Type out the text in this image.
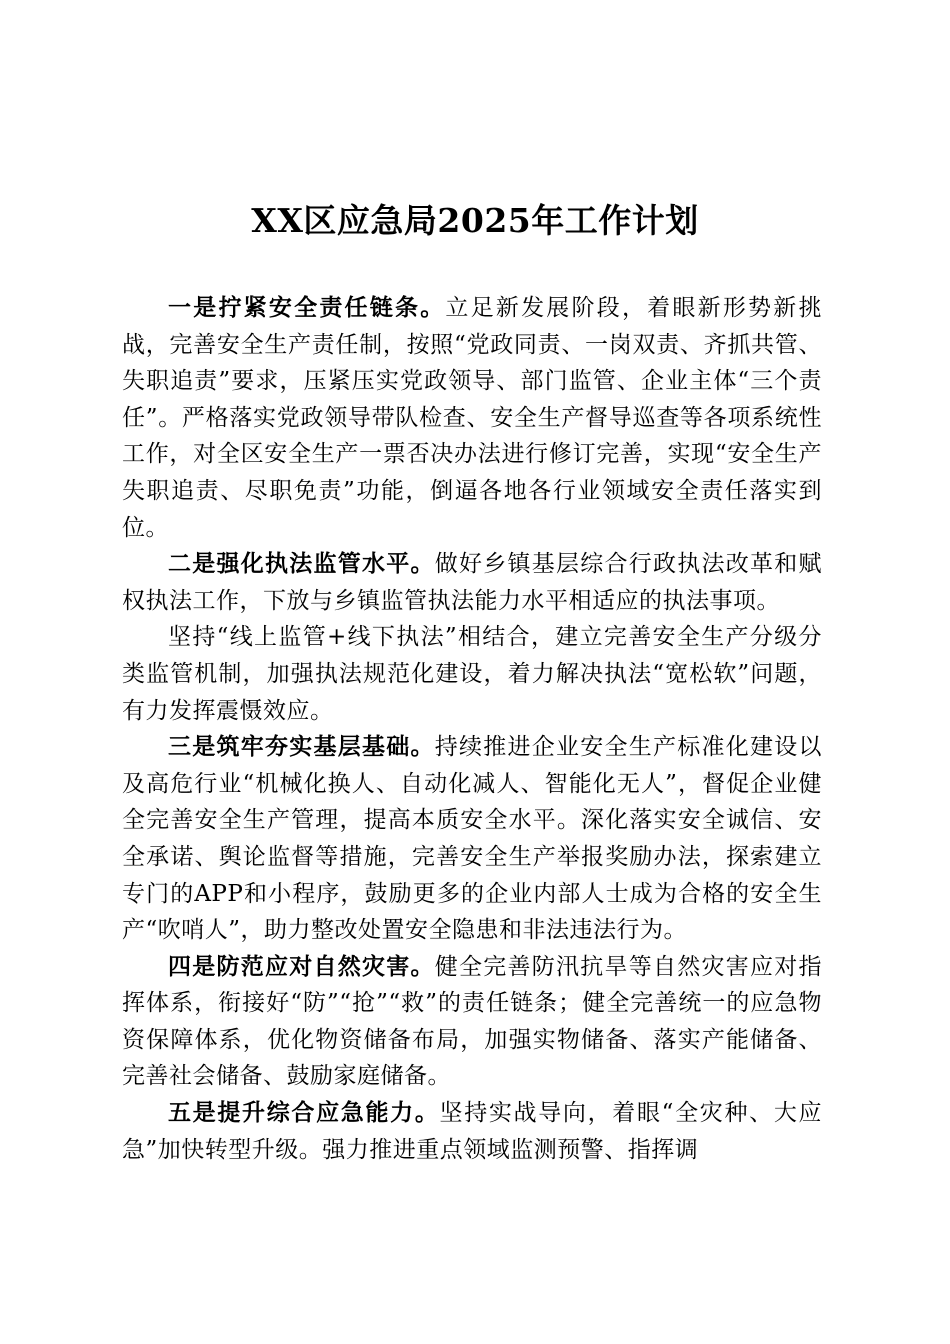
XX区应急局2025年工作计划

一是拧紧安全责任链条。立足新发展阶段，着眼新形势新挑战，完善安全生产责任制，按照“党政同责、一岗双责、齐抓共管、失职追责”要求，压紧压实党政领导、部门监管、企业主体“三个责任”。严格落实党政领导带队检查、安全生产督导巡查等各项系统性工作，对全区安全生产一票否决办法进行修订完善，实现“安全生产失职追责、尽职免责”功能，倒逼各地各行业领域安全责任落实到位。

二是强化执法监管水平。做好乡镇基层综合行政执法改革和赋权执法工作，下放与乡镇监管执法能力水平相适应的执法事项。

坚持“线上监管+线下执法”相结合，建立完善安全生产分级分类监管机制，加强执法规范化建设，着力解决执法“宽松软”问题，有力发挥震慑效应。

三是筑牢夯实基层基础。持续推进企业安全生产标准化建设以及高危行业“机械化换人、自动化减人、智能化无人”，督促企业健全完善安全生产管理，提高本质安全水平。深化落实安全诚信、安全承诺、舆论监督等措施，完善安全生产举报奖励办法，探索建立专门的APP和小程序，鼓励更多的企业内部人士成为合格的安全生产“吹哨人”，助力整改处置安全隐患和非法违法行为。

四是防范应对自然灾害。健全完善防汛抗旱等自然灾害应对指挥体系，衔接好“防”“抢”“救”的责任链条；健全完善统一的应急物资保障体系，优化物资储备布局，加强实物储备、落实产能储备、完善社会储备、鼓励家庭储备。

五是提升综合应急能力。坚持实战导向，着眼“全灾种、大应急”加快转型升级。强力推进重点领域监测预警、指挥调
